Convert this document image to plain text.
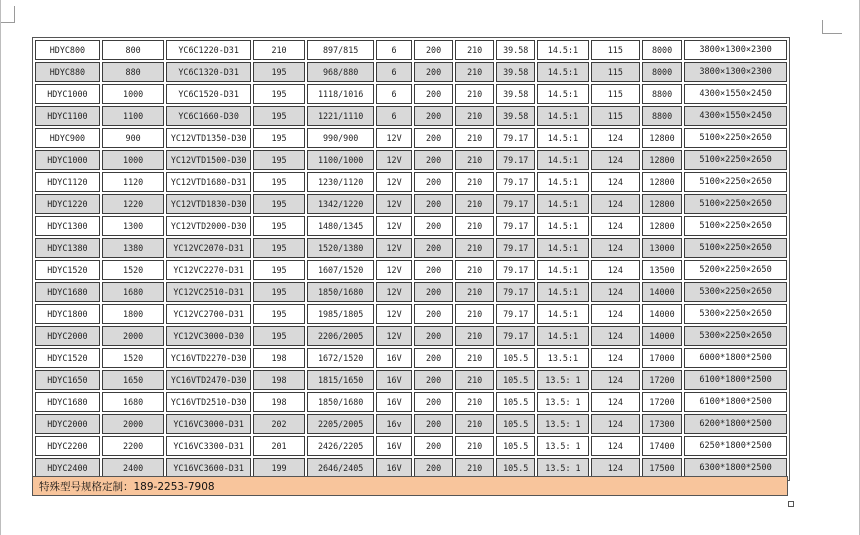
HDYC800	800	YC6C1220-D31	210	897/815	6	200	210	39.58	14.5:1	115	8000	3800×1300×2300
HDYC880	880	YC6C1320-D31	195	968/880	6	200	210	39.58	14.5:1	115	8000	3800×1300×2300
HDYC1000	1000	YC6C1520-D31	195	1118/1016	6	200	210	39.58	14.5:1	115	8800	4300×1550×2450
HDYC1100	1100	YC6C1660-D30	195	1221/1110	6	200	210	39.58	14.5:1	115	8800	4300×1550×2450
HDYC900	900	YC12VTD1350-D30	195	990/900	12V	200	210	79.17	14.5:1	124	12800	5100×2250×2650
HDYC1000	1000	YC12VTD1500-D30	195	1100/1000	12V	200	210	79.17	14.5:1	124	12800	5100×2250×2650
HDYC1120	1120	YC12VTD1680-D31	195	1230/1120	12V	200	210	79.17	14.5:1	124	12800	5100×2250×2650
HDYC1220	1220	YC12VTD1830-D30	195	1342/1220	12V	200	210	79.17	14.5:1	124	12800	5100×2250×2650
HDYC1300	1300	YC12VTD2000-D30	195	1480/1345	12V	200	210	79.17	14.5:1	124	12800	5100×2250×2650
HDYC1380	1380	YC12VC2070-D31	195	1520/1380	12V	200	210	79.17	14.5:1	124	13000	5100×2250×2650
HDYC1520	1520	YC12VC2270-D31	195	1607/1520	12V	200	210	79.17	14.5:1	124	13500	5200×2250×2650
HDYC1680	1680	YC12VC2510-D31	195	1850/1680	12V	200	210	79.17	14.5:1	124	14000	5300×2250×2650
HDYC1800	1800	YC12VC2700-D31	195	1985/1805	12V	200	210	79.17	14.5:1	124	14000	5300×2250×2650
HDYC2000	2000	YC12VC3000-D30	195	2206/2005	12V	200	210	79.17	14.5:1	124	14000	5300×2250×2650
HDYC1520	1520	YC16VTD2270-D30	198	1672/1520	16V	200	210	105.5	13.5:1	124	17000	6000*1800*2500
HDYC1650	1650	YC16VTD2470-D30	198	1815/1650	16V	200	210	105.5	13.5: 1	124	17200	6100*1800*2500
HDYC1680	1680	YC16VTD2510-D30	198	1850/1680	16V	200	210	105.5	13.5: 1	124	17200	6100*1800*2500
HDYC2000	2000	YC16VC3000-D31	202	2205/2005	16v	200	210	105.5	13.5: 1	124	17300	6200*1800*2500
HDYC2200	2200	YC16VC3300-D31	201	2426/2205	16V	200	210	105.5	13.5: 1	124	17400	6250*1800*2500
HDYC2400	2400	YC16VC3600-D31	199	2646/2405	16V	200	210	105.5	13.5: 1	124	17500	6300*1800*2500
特殊型号规格定制：189-2253-7908
